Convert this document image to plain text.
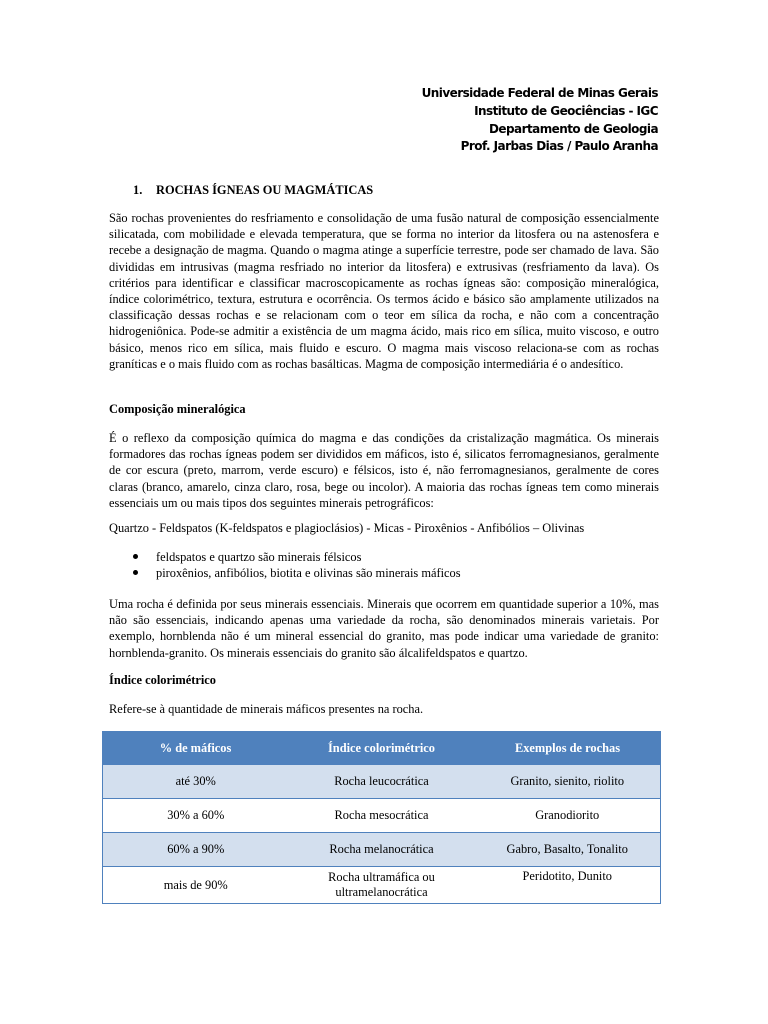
Universidade Federal de Minas Gerais
Instituto de Geociências - IGC
Departamento de Geologia
Prof. Jarbas Dias / Paulo Aranha
1. ROCHAS ÍGNEAS OU MAGMÁTICAS

São rochas provenientes do resfriamento e consolidação de uma fusão natural de composição essencialmente silicatada, com mobilidade e elevada temperatura, que se forma no interior da litosfera ou na astenosfera e recebe a designação de magma. Quando o magma atinge a superfície terrestre, pode ser chamado de lava. São divididas em intrusivas (magma resfriado no interior da litosfera) e extrusivas (resfriamento da lava). Os critérios para identificar e classificar macroscopicamente as rochas ígneas são: composição mineralógica, índice colorimétrico, textura, estrutura e ocorrência. Os termos ácido e básico são amplamente utilizados na classificação dessas rochas e se relacionam com o teor em sílica da rocha, e não com a concentração hidrogeniônica. Pode-se admitir a existência de um magma ácido, mais rico em sílica, muito viscoso, e outro básico, menos rico em sílica, mais fluido e escuro. O magma mais viscoso relaciona-se com as rochas graníticas e o mais fluido com as rochas basálticas. Magma de composição intermediária é o andesítico.

Composição mineralógica

É o reflexo da composição química do magma e das condições da cristalização magmática. Os minerais formadores das rochas ígneas podem ser divididos em máficos, isto é, silicatos ferromagnesianos, geralmente de cor escura (preto, marrom, verde escuro) e félsicos, isto é, não ferromagnesianos, geralmente de cores claras (branco, amarelo, cinza claro, rosa, bege ou incolor). A maioria das rochas ígneas tem como minerais essenciais um ou mais tipos dos seguintes minerais petrográficos:

Quartzo - Feldspatos (K-feldspatos e plagioclásios) - Micas - Piroxênios - Anfibólios – Olivinas
feldspatos e quartzo são minerais félsicos
piroxênios, anfibólios, biotita e olivinas são minerais máficos

Uma rocha é definida por seus minerais essenciais. Minerais que ocorrem em quantidade superior a 10%, mas não são essenciais, indicando apenas uma variedade da rocha, são denominados minerais varietais. Por exemplo, hornblenda não é um mineral essencial do granito, mas pode indicar uma variedade de granito: hornblenda-granito. Os minerais essenciais do granito são álcalifeldspatos e quartzo.

Índice colorimétrico
Refere-se à quantidade de minerais máficos presentes na rocha.
% de máficos	Índice colorimétrico	Exemplos de rochas
até 30%	Rocha leucocrática	Granito, sienito, riolito
30% a 60%	Rocha mesocrática	Granodiorito
60% a 90%	Rocha melanocrática	Gabro, Basalto, Tonalito
mais de 90%	Rocha ultramáfica ou ultramelanocrática	Peridotito, Dunito
